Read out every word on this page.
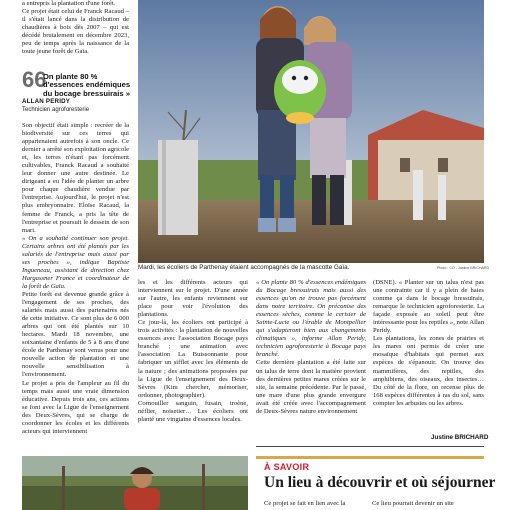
a entrepris la plantation d'une forêt.

Ce projet était celui de Franck Racaud – il s'était lancé dans la distribution de chaudières à bois dès 2007 – qui est décédé brutalement en décembre 2023, peu de temps après la naissance de la toute jeune forêt de Gaïa.

66
On plante 80 % d'essences endémiques du bocage bressuirais »
ALLAN PERIDY
Technicien agroforesterie

Son objectif était simple : recréer de la biodiversité sur ces terres qui appartenaient autrefois à son oncle. Ce dernier a arrêté son exploitation agricole et, les terres n'étant pas forcément cultivables, Franck Racaud a souhaité leur donner une autre destinée. Le dirigeant a eu l'idée de planter un arbre pour chaque chaudière vendue par l'entreprise. Aujourd'hui, le projet n'est plus embryonnaire. Eloïse Racaud, la femme de Franck, a pris la tête de l'entreprise et poursuit le dessein de son mari.

« On a souhaité continuer son projet. Certains arbres ont été plantés par les salariés de l'entreprise mais aussi par ses proches », indique Baptiste Ingueneau, assistant de direction chez Hargassner France et coordinateur de la forêt de Gaïa.

Petite forêt est devenue grande grâce à l'engagement de ses proches, des salariés mais aussi des partenaires nés de cette initiative. Ce sont plus de 6 000 arbres qui ont été plantés sur 10 hectares. Mardi 18 novembre, une soixantaine d'enfants de 5 à 8 ans d'une école de Parthenay sont venus pour une nouvelle action de plantation et une nouvelle sensibilisation à l'environnement.

Le projet a pris de l'ampleur au fil du temps mais aussi une vraie dimension éducative. Depuis trois ans, ces actions se font avec la Ligue de l'enseignement des Deux-Sèvres, qui se charge de coordonner les écoles et les différents acteurs qui interviennent

Mardi, les écoliers de Parthenay étaient accompagnés de la mascotte Gaïa.	Photo : CO - Justine BRICHARD

les et les différents acteurs qui interviennent sur le projet. D'une année sur l'autre, les enfants reviennent sur place pour voir l'évolution des plantations.

Ce jour-là, les écoliers ont participé à trois activités : la plantation de nouvelles essences avec l'association Bocage pays branché ; une animation avec l'association La Buissonnante pour fabriquer un sifflet avec les éléments de la nature ; des animations proposées par la Ligue de l'enseignement des Deux-Sèvres (Kim chercher, mémoriser, ordonner, photographier).

Cornouiller sanguin, fusain, troène, néflier, noisetier… Les écoliers ont planté une vingtaine d'essences locales.

« On plante 80 % d'essences endémiques du Bocage bressuirais mais aussi des essences qu'on ne trouve pas forcément dans notre territoire. On préconise des essences sèches, comme le cerisier de Sainte-Lucie ou l'érable de Montpellier qui s'adapteront bien aux changements climatiques », informe Allan Peridy, technicien agroforesterie à Bocage pays branché.

Cette dernière plantation a été faite sur un talus de terre dont la matière provient des dernières petites mares créées sur le site, la semaine précédente. Par le passé, une mare d'une plus grande envergure avait été créée avec l'accompagnement de Deux-Sèvres nature environnement

(DSNE). « Planter sur un talus n'est pas une contrainte car il y a plein de haies comme ça dans le bocage bressuirais, remarque le technicien agroforesterie. La façade exposée au soleil peut être intéressante pour les reptiles », note Allan Peridy.

Les plantations, les zones de prairies et les mares ont permis de créer une mosaïque d'habitats qui permet aux espèces de s'épanouir. On trouve des mammifères, des reptiles, des amphibiens, des oiseaux, des insectes… Du côté de la flore, on recense plus de 168 espèces différentes à ras du sol, sans compter les arbustes ou les arbres.

Justine BRICHARD
À SAVOIR
Un lieu à découvrir et où séjourner
Ce projet se fait en lien avec la	Ce lieu pourrait devenir un site
